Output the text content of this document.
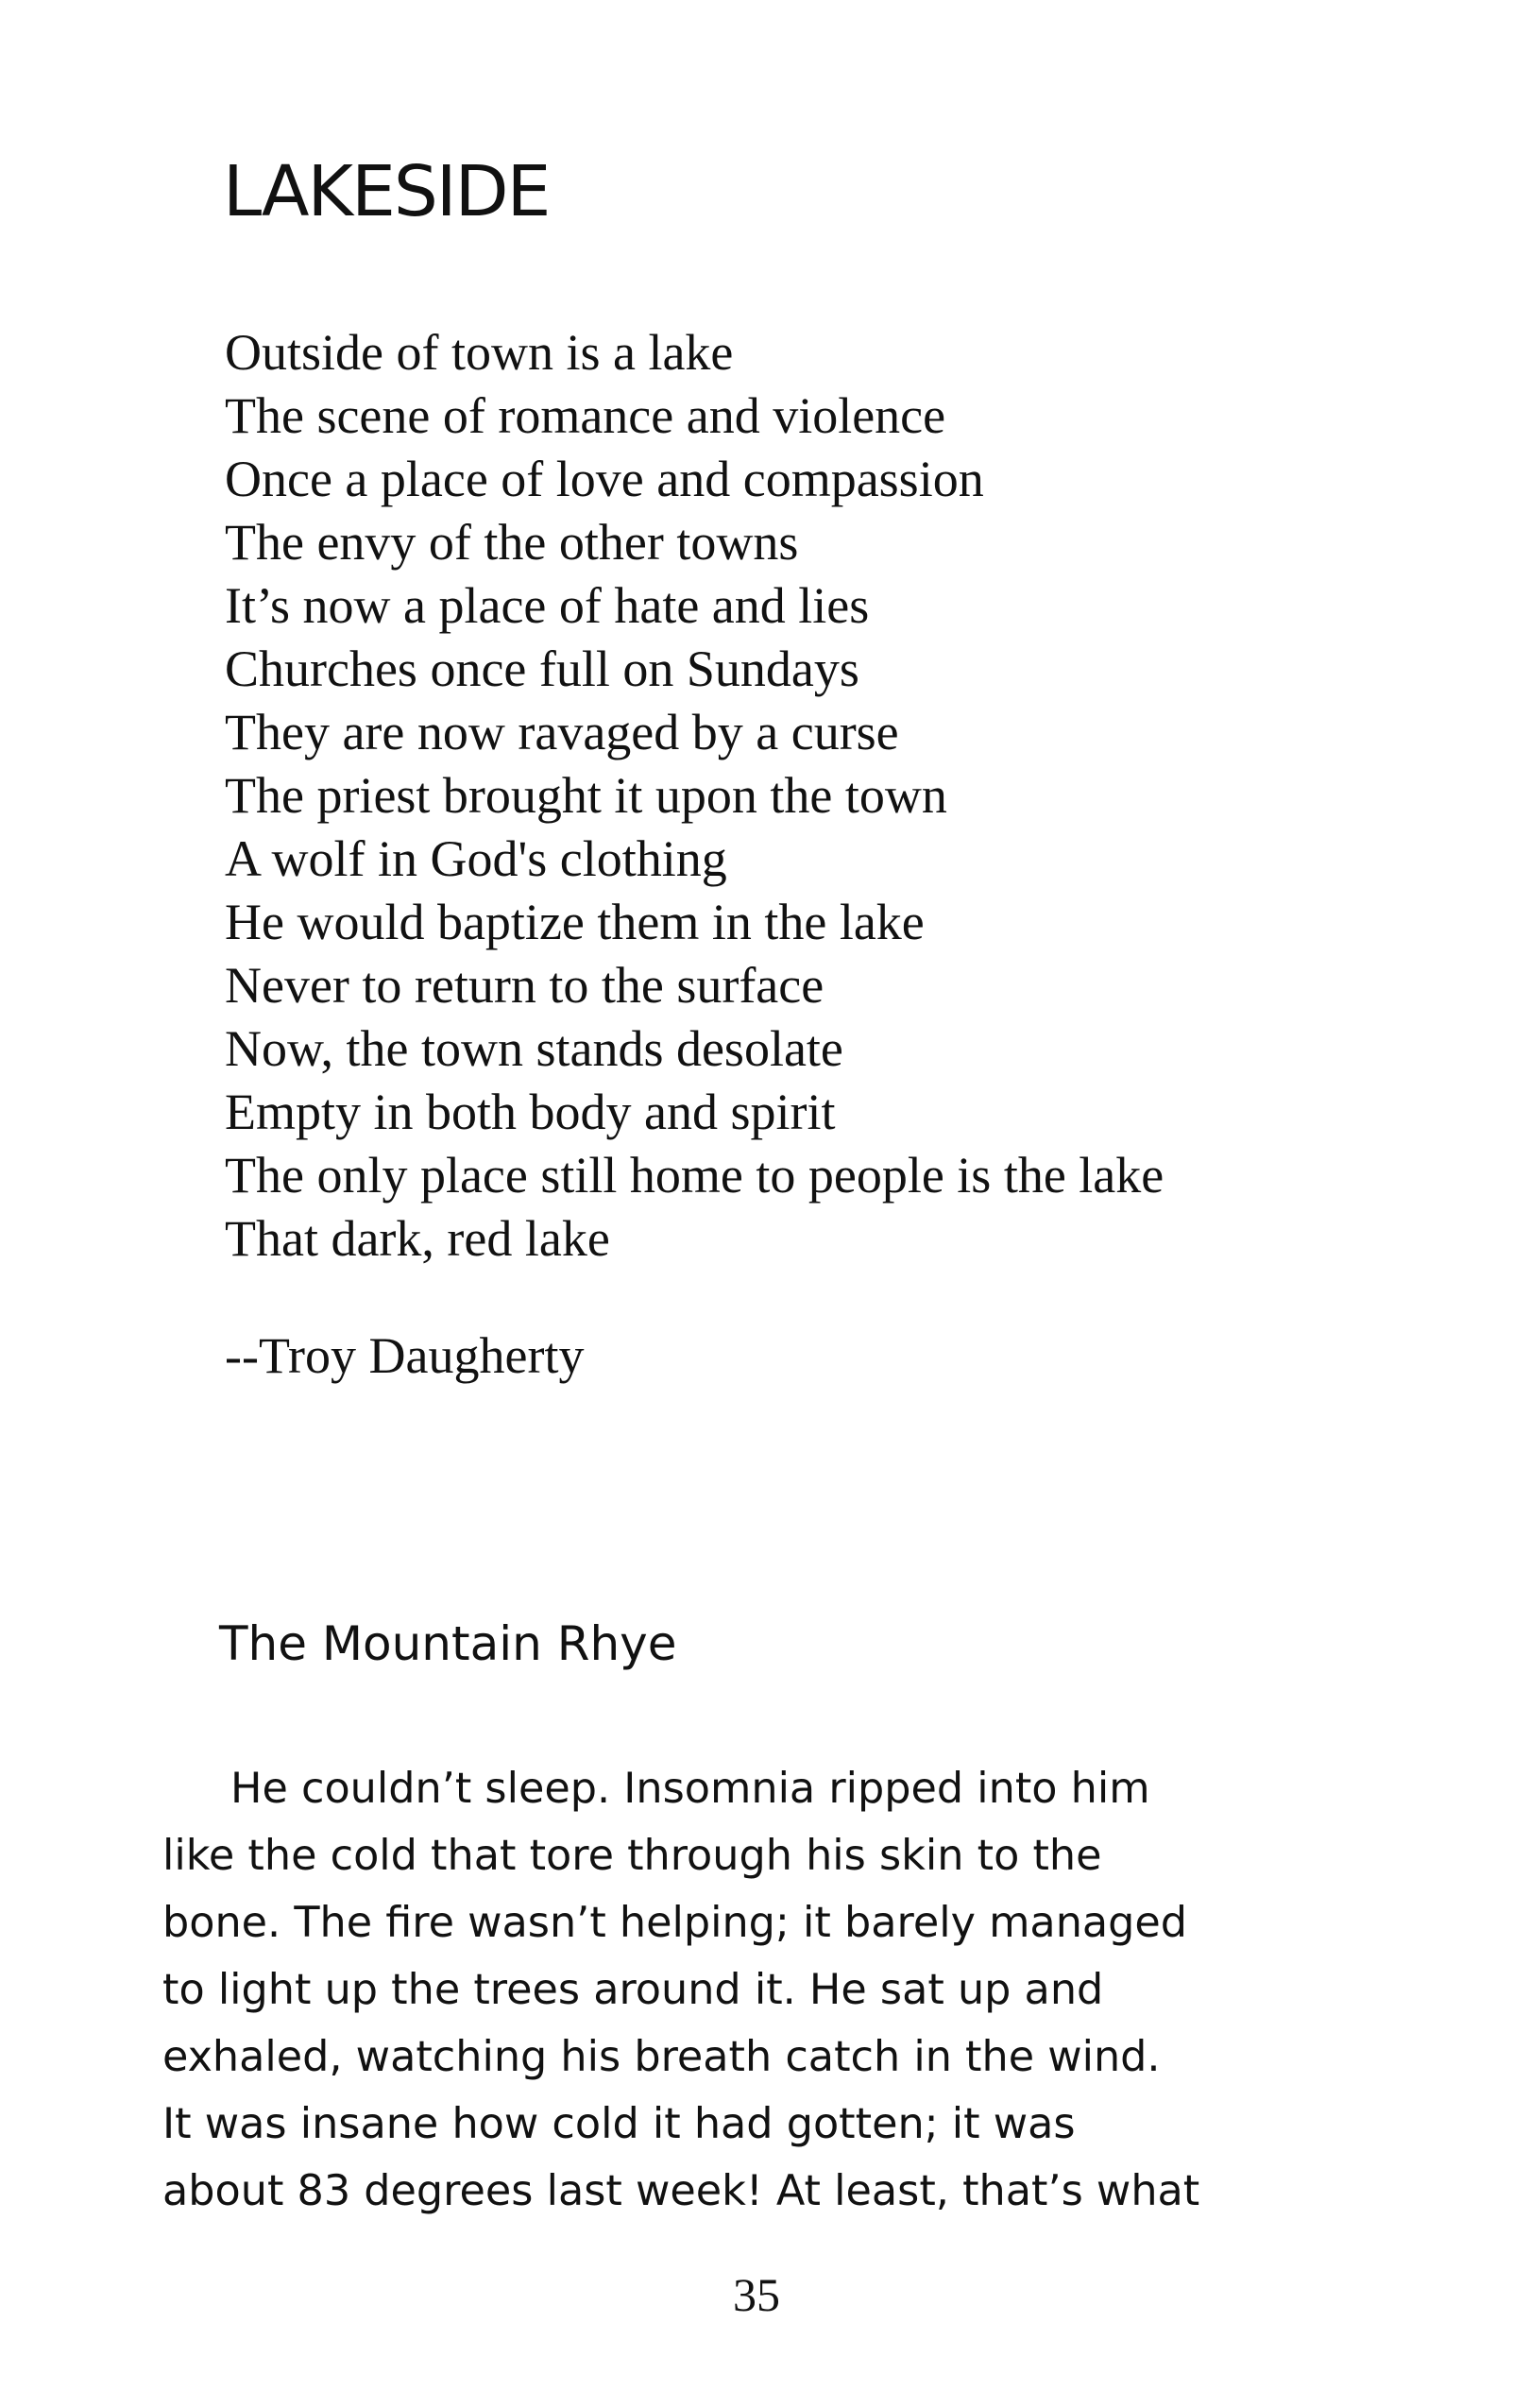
LAKESIDE
Outside of town is a lake
The scene of romance and violence
Once a place of love and compassion
The envy of the other towns
It’s now a place of hate and lies
Churches once full on Sundays
They are now ravaged by a curse
The priest brought it upon the town
A wolf in God's clothing
He would baptize them in the lake
Never to return to the surface
Now, the town stands desolate
Empty in both body and spirit
The only place still home to people is the lake
That dark, red lake

--Troy Daugherty

The Mountain Rhye

He couldn’t sleep. Insomnia ripped into him
like the cold that tore through his skin to the
bone. The fire wasn’t helping; it barely managed
to light up the trees around it. He sat up and
exhaled, watching his breath catch in the wind.
It was insane how cold it had gotten; it was
about 83 degrees last week! At least, that’s what

35
